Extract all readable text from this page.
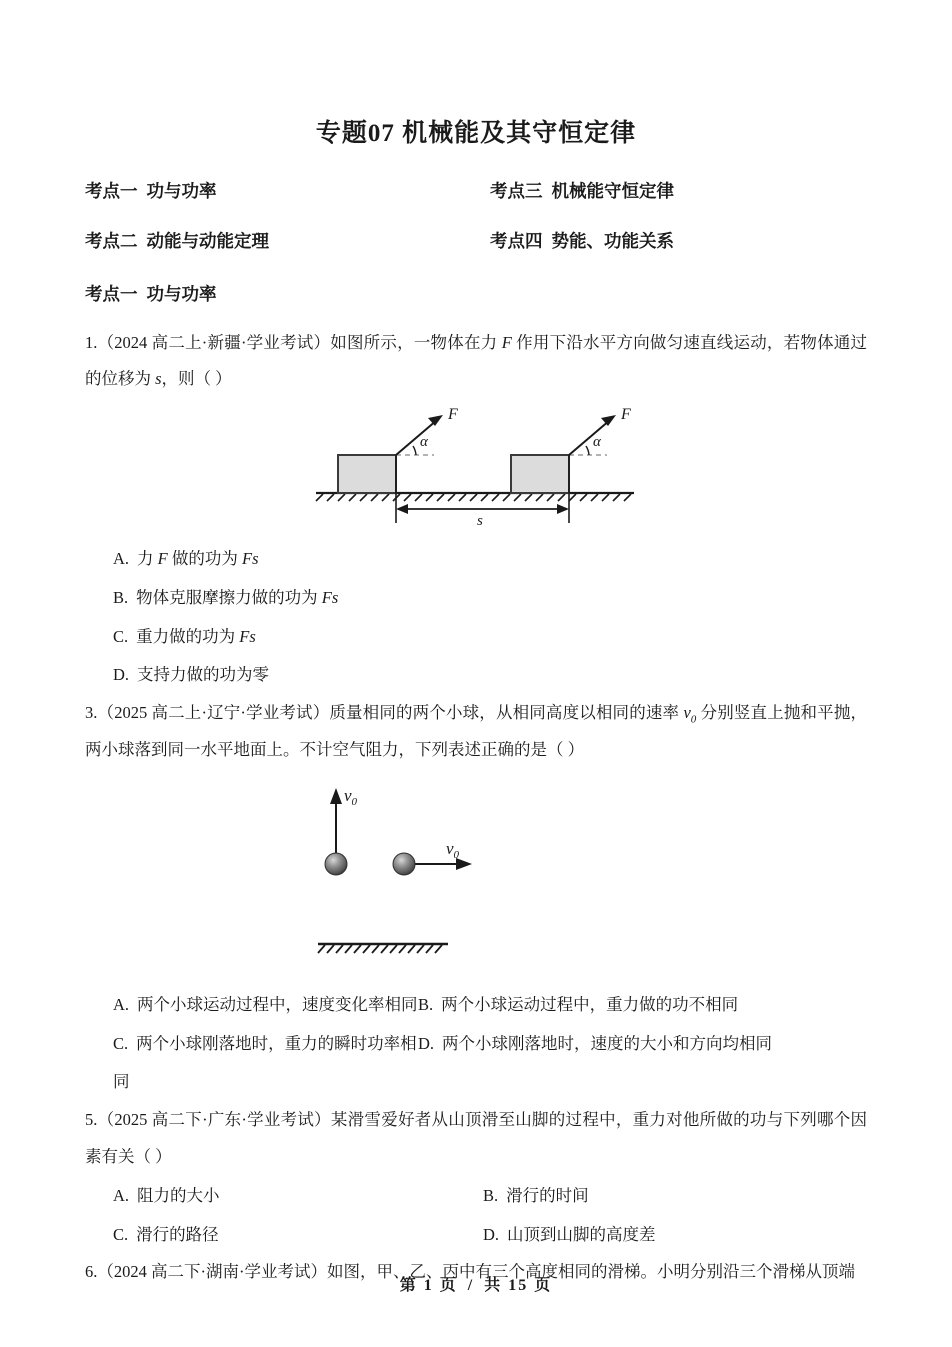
专题07 机械能及其守恒定律
考点一 功与功率	考点三 机械能守恒定律
考点二 动能与动能定理	考点四 势能、功能关系
考点一 功与功率
1.（2024 高二上·新疆·学业考试）如图所示，一物体在力 F 作用下沿水平方向做匀速直线运动，若物体通过的位移为 s，则（ ）
α
F
α
F
s
A. 力 F 做的功为 Fs
B. 物体克服摩擦力做的功为 Fs
C. 重力做的功为 Fs
D. 支持力做的功为零
3.（2025 高二上·辽宁·学业考试）质量相同的两个小球，从相同高度以相同的速率 $v_0$ 分别竖直上抛和平抛，两小球落到同一水平地面上。不计空气阻力，下列表述正确的是（ ）
$v_0$
$v_0$
A. 两个小球运动过程中，速度变化率相同 B. 两个小球运动过程中，重力做的功不相同
C. 两个小球刚落地时，重力的瞬时功率相同
D. 两个小球刚落地时，速度的大小和方向均相同
5.（2025 高二下·广东·学业考试）某滑雪爱好者从山顶滑至山脚的过程中，重力对他所做的功与下列哪个因素有关（ ）
A. 阻力的大小	B. 滑行的时间
C. 滑行的路径	D. 山顶到山脚的高度差
6.（2024 高二下·湖南·学业考试）如图，甲、乙、丙中有三个高度相同的滑梯。小明分别沿三个滑梯从顶端
第 1 页 / 共 15 页
